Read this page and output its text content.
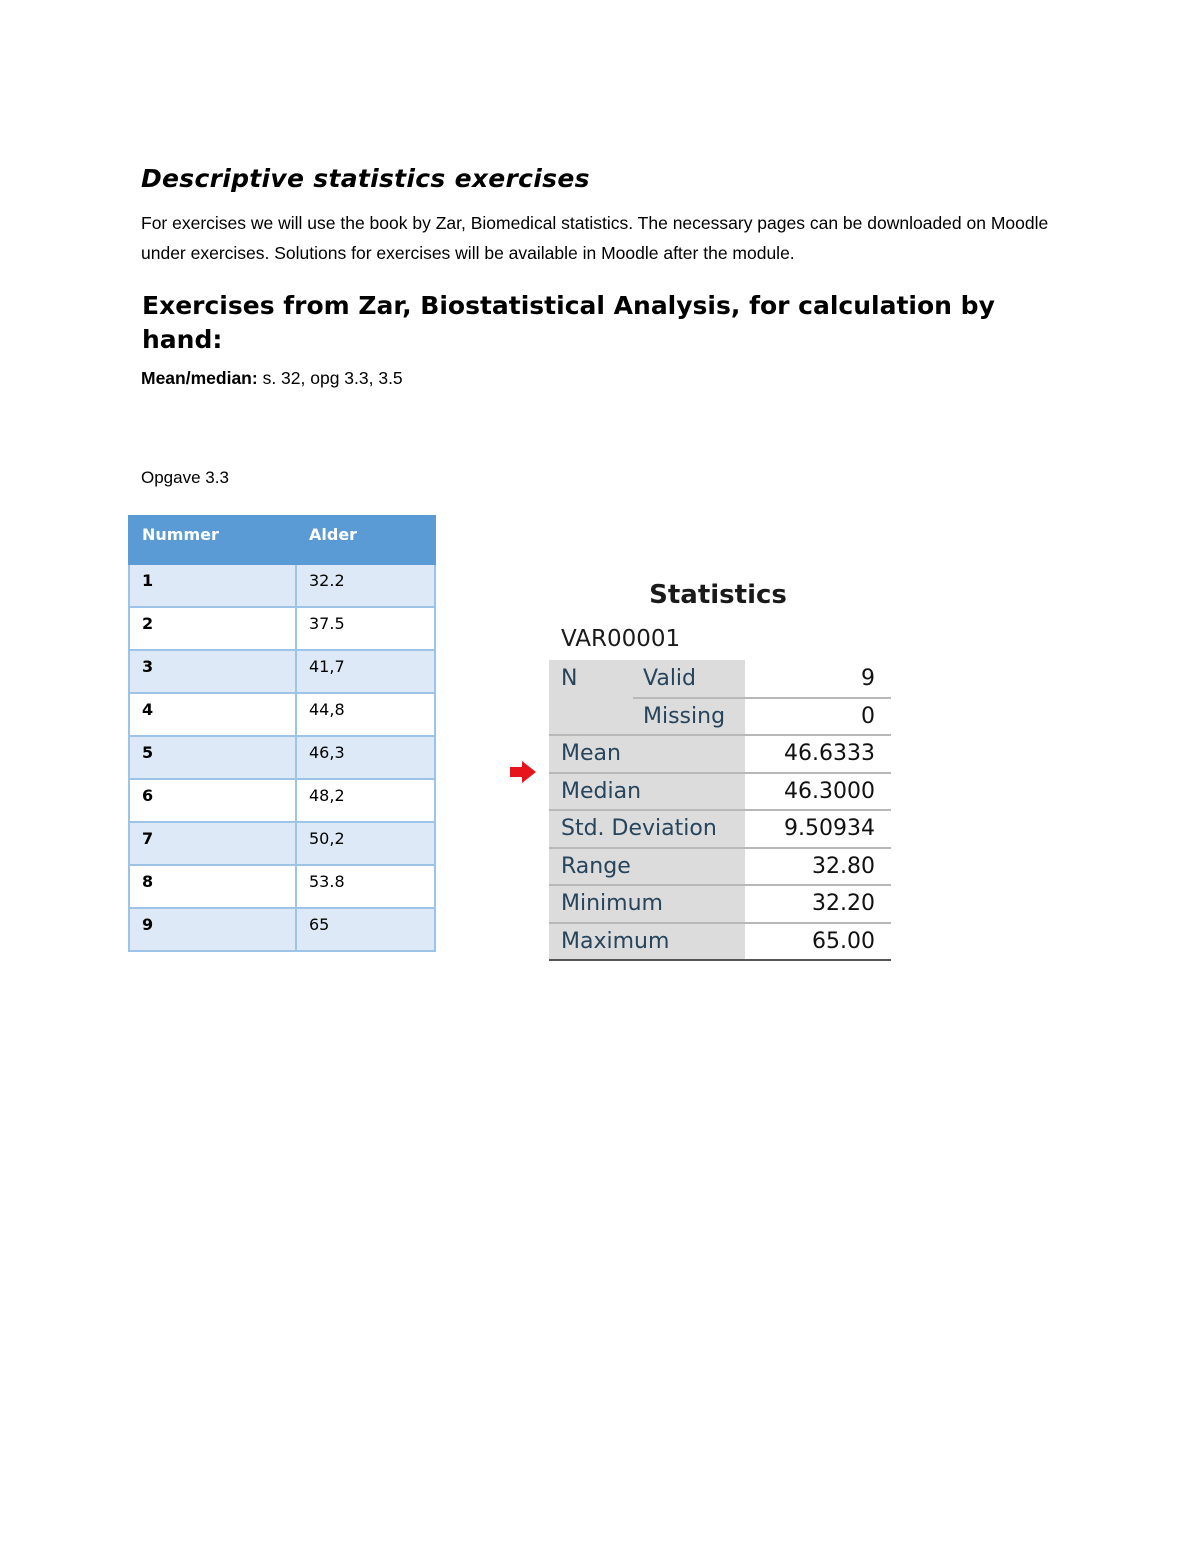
Descriptive statistics exercises

For exercises we will use the book by Zar, Biomedical statistics. The necessary pages can be downloaded on Moodle under exercises. Solutions for exercises will be available in Moodle after the module.

Exercises from Zar, Biostatistical Analysis, for calculation by hand:

Mean/median: s. 32, opg 3.3, 3.5

Opgave 3.3

Nummer	Alder
1	32.2
2	37.5
3	41,7
4	44,8
5	46,3
6	48,2
7	50,2
8	53.8
9	65
Statistics
VAR00001
N	Valid	9
	Missing	0
Mean		46.6333
Median		46.3000
Std. Deviation		9.50934
Range		32.80
Minimum		32.20
Maximum		65.00
